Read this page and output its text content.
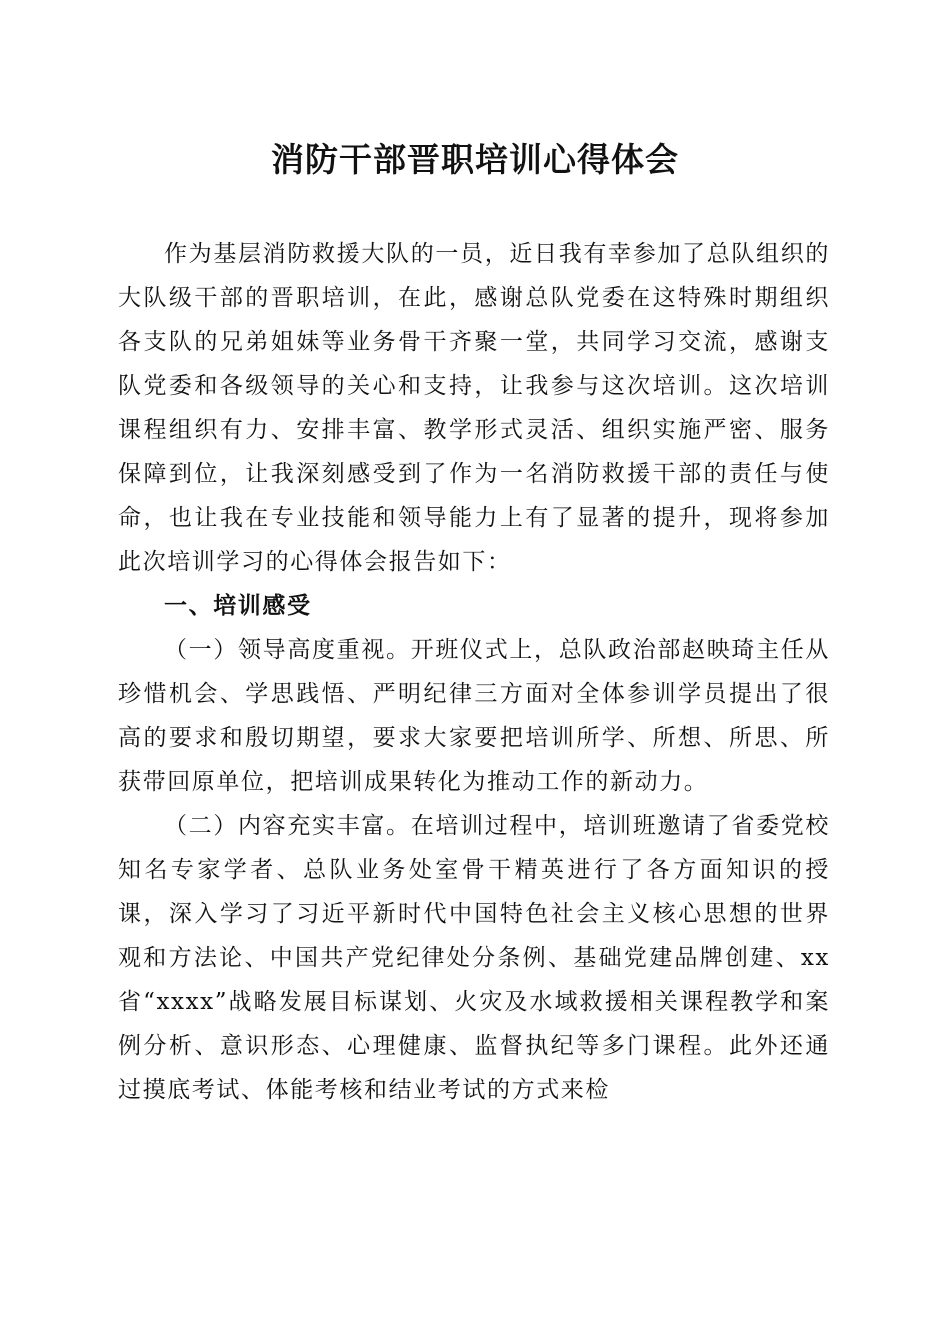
消防干部晋职培训心得体会

作为基层消防救援大队的一员，近日我有幸参加了总队组织的大队级干部的晋职培训，在此，感谢总队党委在这特殊时期组织各支队的兄弟姐妹等业务骨干齐聚一堂，共同学习交流，感谢支队党委和各级领导的关心和支持，让我参与这次培训。这次培训课程组织有力、安排丰富、教学形式灵活、组织实施严密、服务保障到位，让我深刻感受到了作为一名消防救援干部的责任与使命，也让我在专业技能和领导能力上有了显著的提升，现将参加此次培训学习的心得体会报告如下：

一、培训感受

（一）领导高度重视。开班仪式上，总队政治部赵映琦主任从珍惜机会、学思践悟、严明纪律三方面对全体参训学员提出了很高的要求和殷切期望，要求大家要把培训所学、所想、所思、所获带回原单位，把培训成果转化为推动工作的新动力。

（二）内容充实丰富。在培训过程中，培训班邀请了省委党校知名专家学者、总队业务处室骨干精英进行了各方面知识的授课，深入学习了习近平新时代中国特色社会主义核心思想的世界观和方法论、中国共产党纪律处分条例、基础党建品牌创建、xx省“xxxx”战略发展目标谋划、火灾及水域救援相关课程教学和案例分析、意识形态、心理健康、监督执纪等多门课程。此外还通过摸底考试、体能考核和结业考试的方式来检
